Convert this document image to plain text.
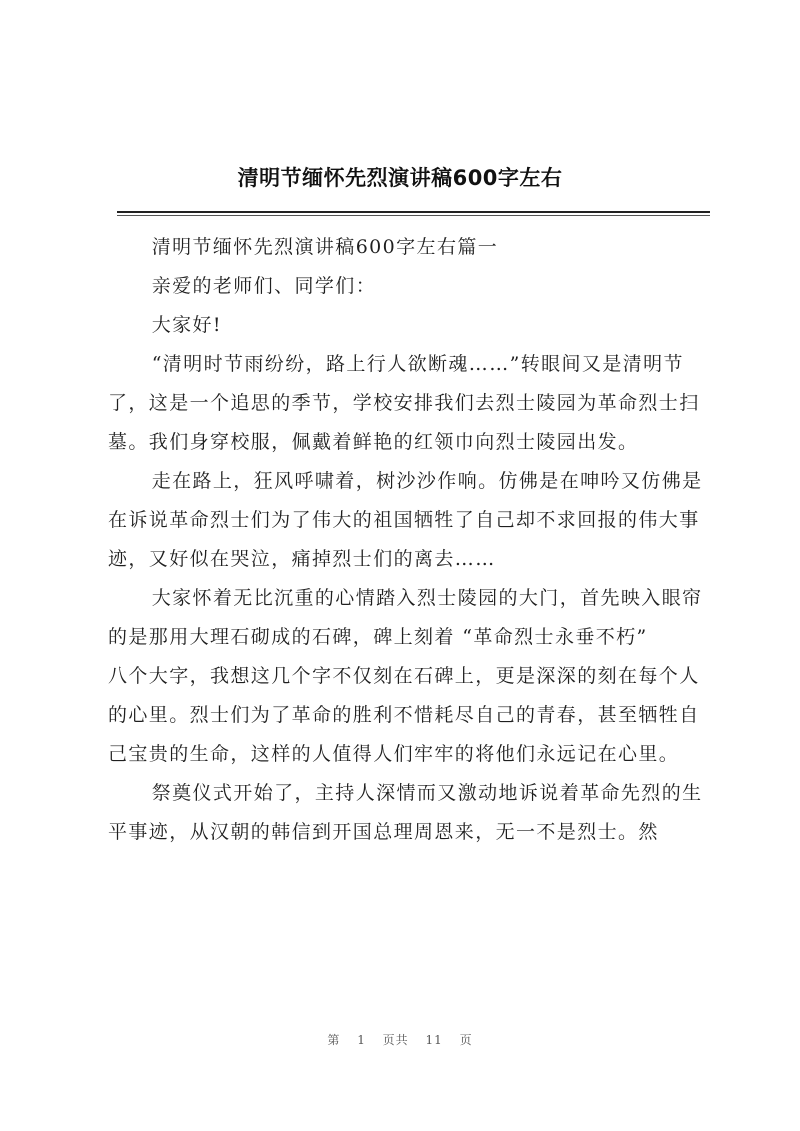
清明节缅怀先烈演讲稿600字左右

清明节缅怀先烈演讲稿600字左右篇一

亲爱的老师们、同学们：

大家好!

“清明时节雨纷纷，路上行人欲断魂……”转眼间又是清明节了，这是一个追思的季节，学校安排我们去烈士陵园为革命烈士扫墓。我们身穿校服，佩戴着鲜艳的红领巾向烈士陵园出发。

走在路上，狂风呼啸着，树沙沙作响。仿佛是在呻吟又仿佛是在诉说革命烈士们为了伟大的祖国牺牲了自己却不求回报的伟大事迹，又好似在哭泣，痛掉烈士们的离去……

大家怀着无比沉重的心情踏入烈士陵园的大门，首先映入眼帘的是那用大理石砌成的石碑，碑上刻着 “革命烈士永垂不朽”

八个大字，我想这几个字不仅刻在石碑上，更是深深的刻在每个人的心里。烈士们为了革命的胜利不惜耗尽自己的青春，甚至牺牲自己宝贵的生命，这样的人值得人们牢牢的将他们永远记在心里。

祭奠仪式开始了，主持人深情而又激动地诉说着革命先烈的生平事迹，从汉朝的韩信到开国总理周恩来，无一不是烈士。然

第 1 页共 11 页
